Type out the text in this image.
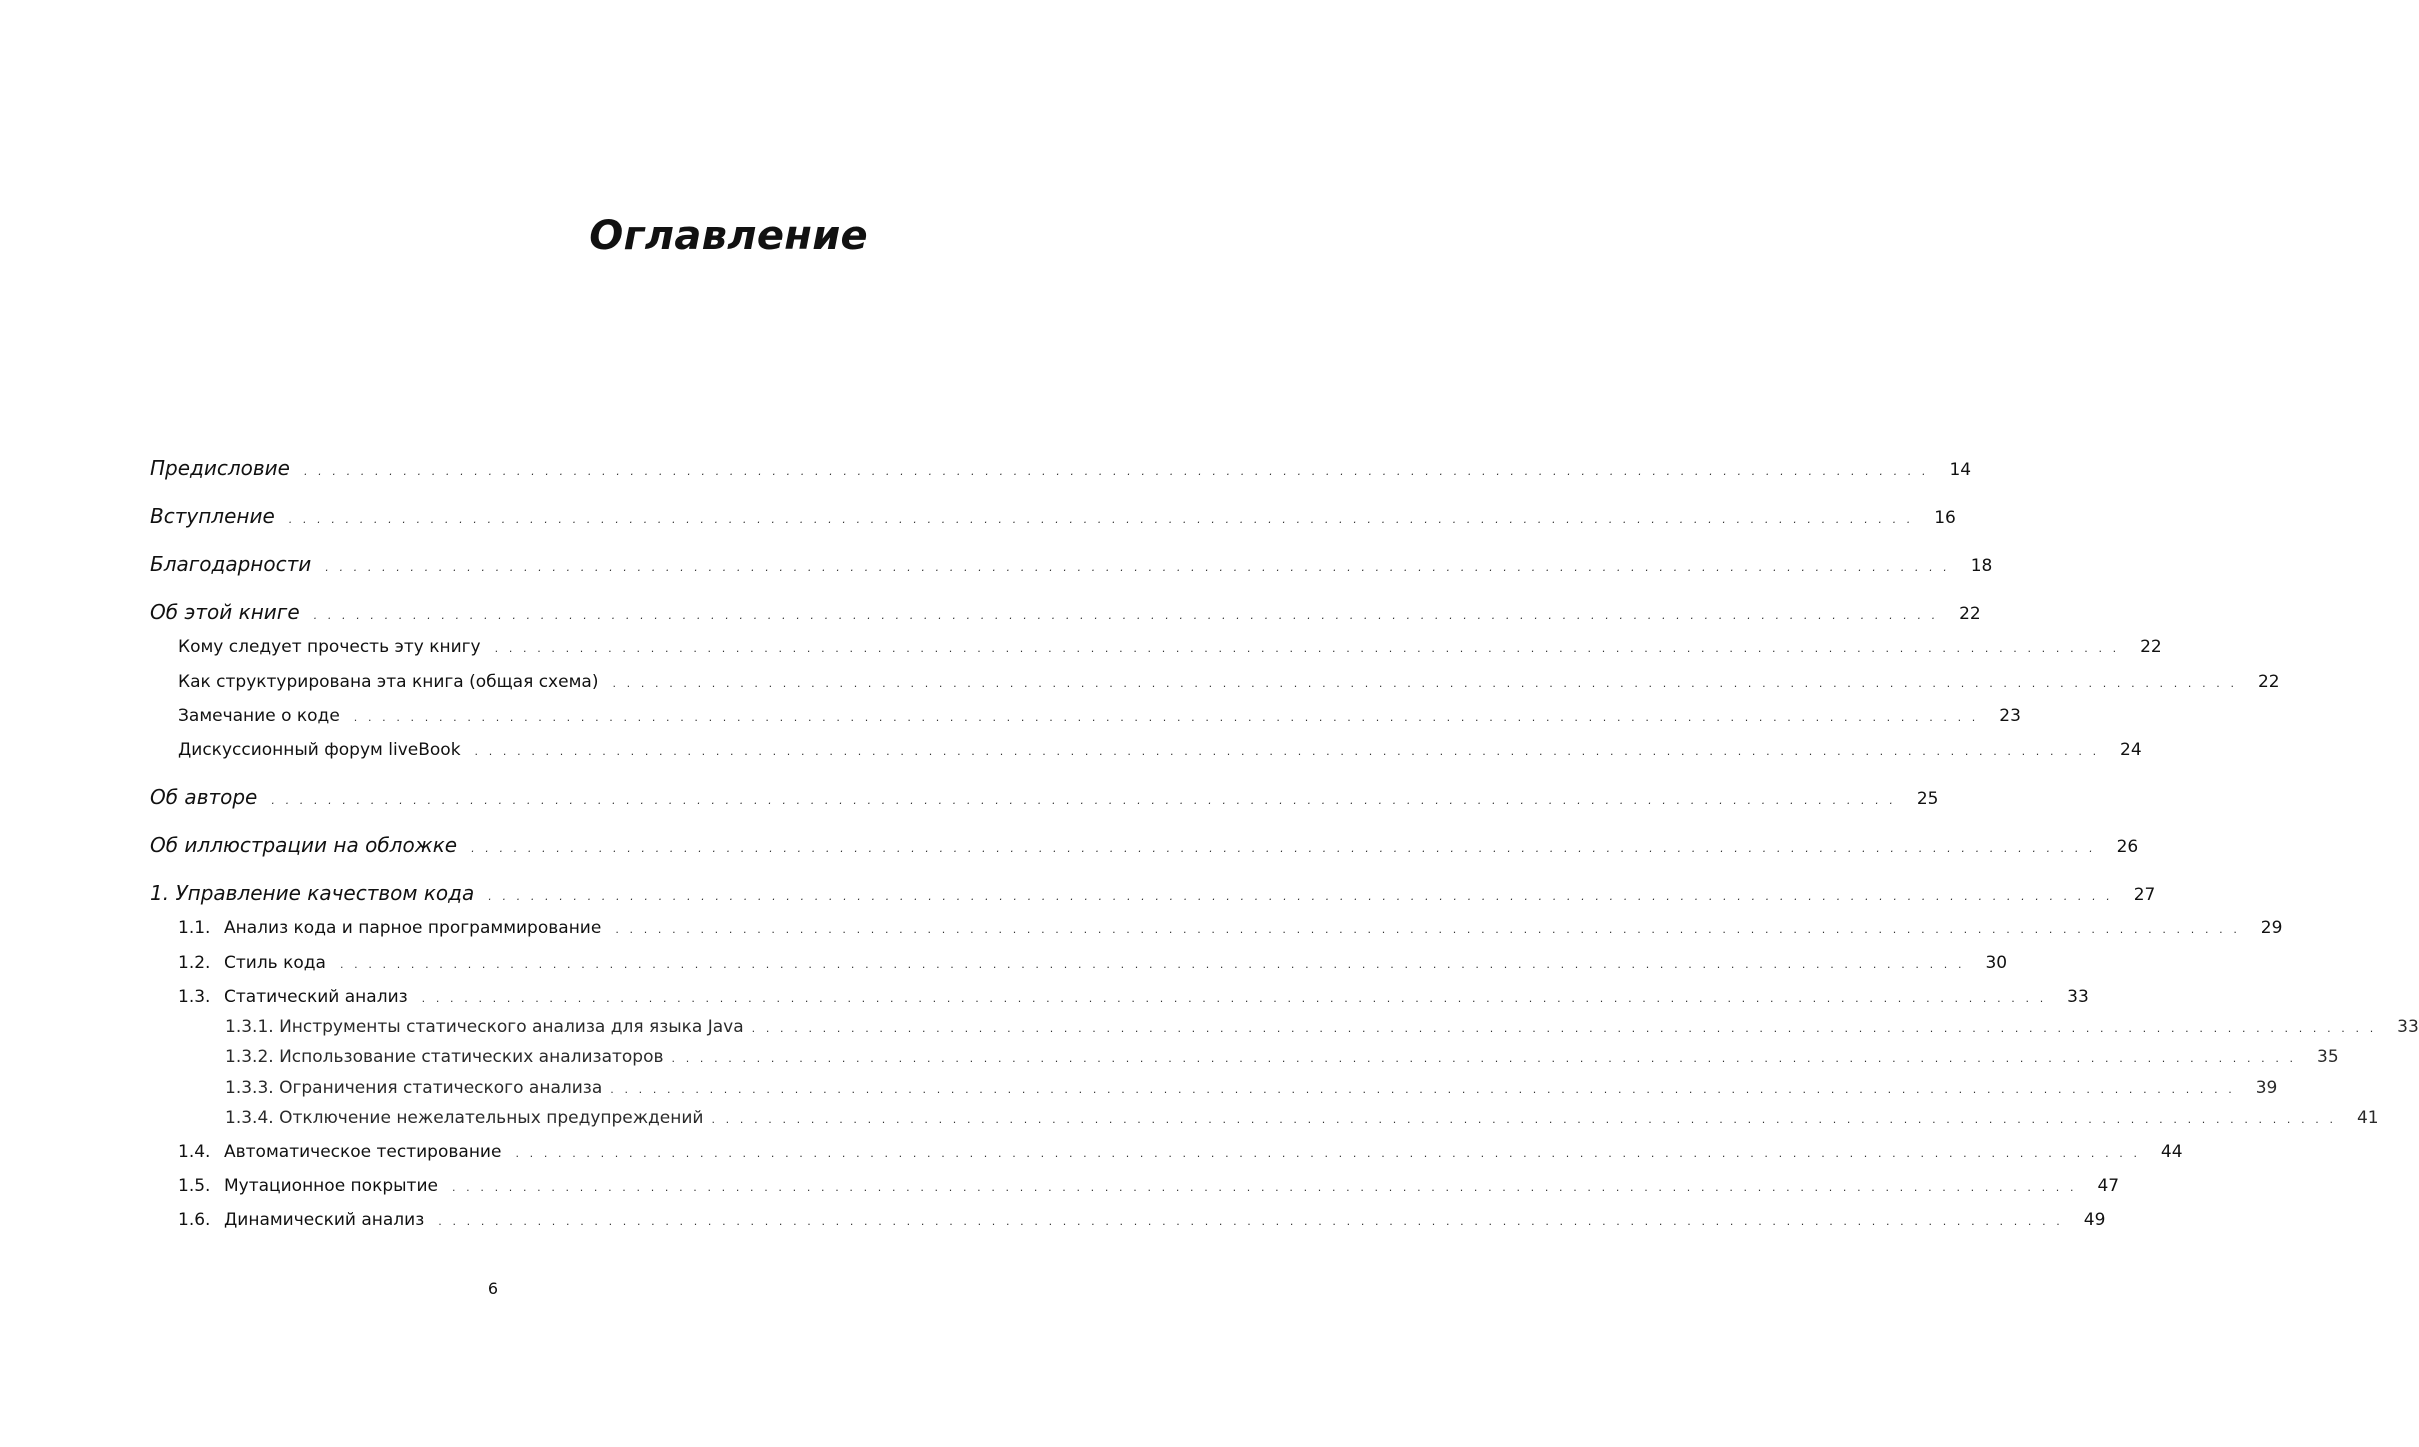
Оглавление
Предисловие . . . . . . . . . . . . . . . . . . . . . . . . . . . . . . . . . . . . . . . . . . . . . . . . . . . . . . . . . . . . . . . . . . . . . . . . . . . . . . . . . . . . . . . . . . . . . . . . . . . . . . . . . . . . . . . . . . . 14
Вступление . . . . . . . . . . . . . . . . . . . . . . . . . . . . . . . . . . . . . . . . . . . . . . . . . . . . . . . . . . . . . . . . . . . . . . . . . . . . . . . . . . . . . . . . . . . . . . . . . . . . . . . . . . . . . . . . . . . 16
Благодарности . . . . . . . . . . . . . . . . . . . . . . . . . . . . . . . . . . . . . . . . . . . . . . . . . . . . . . . . . . . . . . . . . . . . . . . . . . . . . . . . . . . . . . . . . . . . . . . . . . . . . . . . . . . . . . . . . . . 18
Об этой книге . . . . . . . . . . . . . . . . . . . . . . . . . . . . . . . . . . . . . . . . . . . . . . . . . . . . . . . . . . . . . . . . . . . . . . . . . . . . . . . . . . . . . . . . . . . . . . . . . . . . . . . . . . . . . . . . . . . 22
Кому следует прочесть эту книгу . . . . . . . . . . . . . . . . . . . . . . . . . . . . . . . . . . . . . . . . . . . . . . . . . . . . . . . . . . . . . . . . . . . . . . . . . . . . . . . . . . . . . . . . . . . . . . . . . . . . . . . . . . . . . . . . . . . 22
Как структурирована эта книга (общая схема) . . . . . . . . . . . . . . . . . . . . . . . . . . . . . . . . . . . . . . . . . . . . . . . . . . . . . . . . . . . . . . . . . . . . . . . . . . . . . . . . . . . . . . . . . . . . . . . . . . . . . . . . . . . . . . . . . . . 22
Замечание о коде . . . . . . . . . . . . . . . . . . . . . . . . . . . . . . . . . . . . . . . . . . . . . . . . . . . . . . . . . . . . . . . . . . . . . . . . . . . . . . . . . . . . . . . . . . . . . . . . . . . . . . . . . . . . . . . . . . . 23
Дискуссионный форум liveBook . . . . . . . . . . . . . . . . . . . . . . . . . . . . . . . . . . . . . . . . . . . . . . . . . . . . . . . . . . . . . . . . . . . . . . . . . . . . . . . . . . . . . . . . . . . . . . . . . . . . . . . . . . . . . . . . . . . 24
Об авторе . . . . . . . . . . . . . . . . . . . . . . . . . . . . . . . . . . . . . . . . . . . . . . . . . . . . . . . . . . . . . . . . . . . . . . . . . . . . . . . . . . . . . . . . . . . . . . . . . . . . . . . . . . . . . . . . . . . 25
Об иллюстрации на обложке . . . . . . . . . . . . . . . . . . . . . . . . . . . . . . . . . . . . . . . . . . . . . . . . . . . . . . . . . . . . . . . . . . . . . . . . . . . . . . . . . . . . . . . . . . . . . . . . . . . . . . . . . . . . . . . . . . . 26
1. Управление качеством кода . . . . . . . . . . . . . . . . . . . . . . . . . . . . . . . . . . . . . . . . . . . . . . . . . . . . . . . . . . . . . . . . . . . . . . . . . . . . . . . . . . . . . . . . . . . . . . . . . . . . . . . . . . . . . . . . . . . 27
1.1. Анализ кода и парное программирование . . . . . . . . . . . . . . . . . . . . . . . . . . . . . . . . . . . . . . . . . . . . . . . . . . . . . . . . . . . . . . . . . . . . . . . . . . . . . . . . . . . . . . . . . . . . . . . . . . . . . . . . . . . . . . . . . . . 29
1.2. Стиль кода . . . . . . . . . . . . . . . . . . . . . . . . . . . . . . . . . . . . . . . . . . . . . . . . . . . . . . . . . . . . . . . . . . . . . . . . . . . . . . . . . . . . . . . . . . . . . . . . . . . . . . . . . . . . . . . . . . . 30
1.3. Статический анализ . . . . . . . . . . . . . . . . . . . . . . . . . . . . . . . . . . . . . . . . . . . . . . . . . . . . . . . . . . . . . . . . . . . . . . . . . . . . . . . . . . . . . . . . . . . . . . . . . . . . . . . . . . . . . . . . . . . 33
1.3.1. Инструменты статического анализа для языка Java . . . . . . . . . . . . . . . . . . . . . . . . . . . . . . . . . . . . . . . . . . . . . . . . . . . . . . . . . . . . . . . . . . . . . . . . . . . . . . . . . . . . . . . . . . . . . . . . . . . . . . . . . . . . . . . . . . . 33
1.3.2. Использование статических анализаторов . . . . . . . . . . . . . . . . . . . . . . . . . . . . . . . . . . . . . . . . . . . . . . . . . . . . . . . . . . . . . . . . . . . . . . . . . . . . . . . . . . . . . . . . . . . . . . . . . . . . . . . . . . . . . . . . . . . 35
1.3.3. Ограничения статического анализа . . . . . . . . . . . . . . . . . . . . . . . . . . . . . . . . . . . . . . . . . . . . . . . . . . . . . . . . . . . . . . . . . . . . . . . . . . . . . . . . . . . . . . . . . . . . . . . . . . . . . . . . . . . . . . . . . . . 39
1.3.4. Отключение нежелательных предупреждений . . . . . . . . . . . . . . . . . . . . . . . . . . . . . . . . . . . . . . . . . . . . . . . . . . . . . . . . . . . . . . . . . . . . . . . . . . . . . . . . . . . . . . . . . . . . . . . . . . . . . . . . . . . . . . . . . . . 41
1.4. Автоматическое тестирование . . . . . . . . . . . . . . . . . . . . . . . . . . . . . . . . . . . . . . . . . . . . . . . . . . . . . . . . . . . . . . . . . . . . . . . . . . . . . . . . . . . . . . . . . . . . . . . . . . . . . . . . . . . . . . . . . . . 44
1.5. Мутационное покрытие . . . . . . . . . . . . . . . . . . . . . . . . . . . . . . . . . . . . . . . . . . . . . . . . . . . . . . . . . . . . . . . . . . . . . . . . . . . . . . . . . . . . . . . . . . . . . . . . . . . . . . . . . . . . . . . . . . . 47
1.6. Динамический анализ . . . . . . . . . . . . . . . . . . . . . . . . . . . . . . . . . . . . . . . . . . . . . . . . . . . . . . . . . . . . . . . . . . . . . . . . . . . . . . . . . . . . . . . . . . . . . . . . . . . . . . . . . . . . . . . . . . . 49
6
